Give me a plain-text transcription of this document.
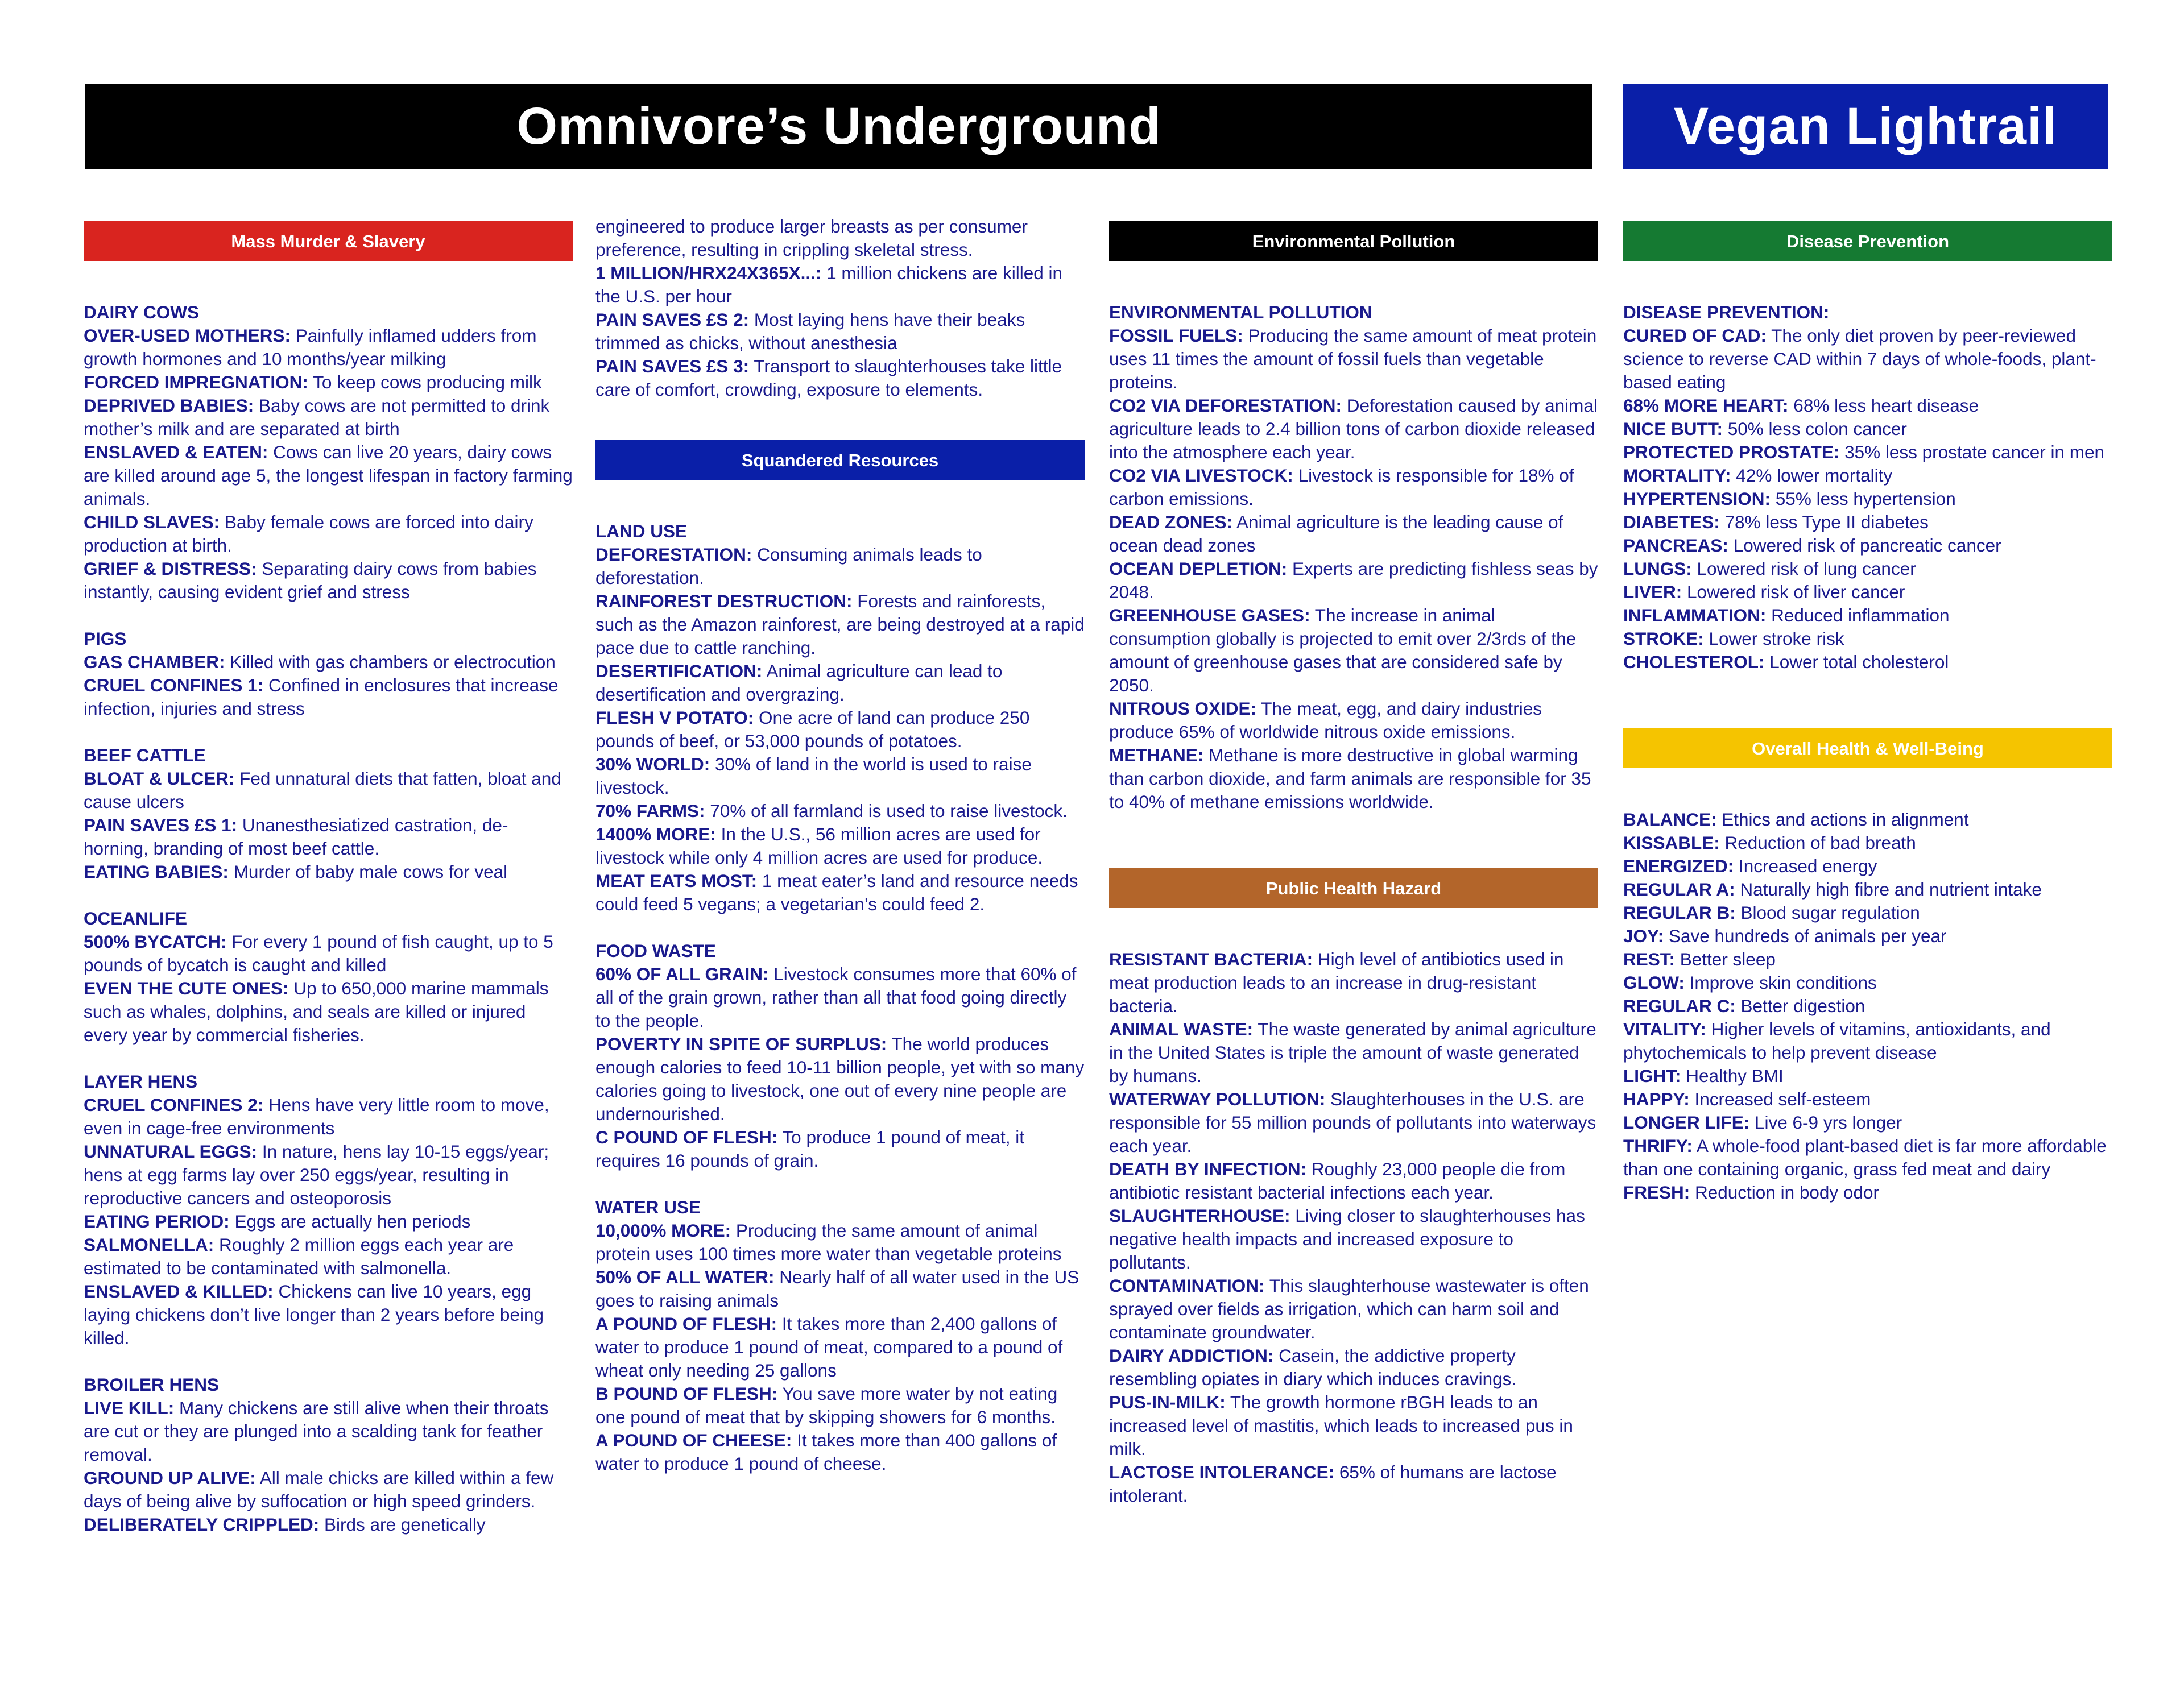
Omnivore’s Underground	Vegan Lightrail
Mass Murder & Slavery

DAIRY COWS

OVER-USED MOTHERS: Painfully inflamed udders from growth hormones and 10 months/year milking

FORCED IMPREGNATION: To keep cows producing milk

DEPRIVED BABIES: Baby cows are not permitted to drink mother’s milk and are separated at birth

ENSLAVED & EATEN: Cows can live 20 years, dairy cows are killed around age 5, the longest lifespan in factory farming animals.

CHILD SLAVES: Baby female cows are forced into dairy production at birth.

GRIEF & DISTRESS: Separating dairy cows from babies instantly, causing evident grief and stress

PIGS

GAS CHAMBER: Killed with gas chambers or electrocution

CRUEL CONFINES 1: Confined in enclosures that increase infection, injuries and stress

BEEF CATTLE

BLOAT & ULCER: Fed unnatural diets that fatten, bloat and cause ulcers

PAIN SAVES £S 1: Unanesthesiatized castration, de-horning, branding of most beef cattle.

EATING BABIES: Murder of baby male cows for veal

OCEANLIFE

500% BYCATCH: For every 1 pound of fish caught, up to 5 pounds of bycatch is caught and killed

EVEN THE CUTE ONES: Up to 650,000 marine mammals such as whales, dolphins, and seals are killed or injured every year by commercial fisheries.

LAYER HENS

CRUEL CONFINES 2: Hens have very little room to move, even in cage-free environments

UNNATURAL EGGS: In nature, hens lay 10-15 eggs/year; hens at egg farms lay over 250 eggs/year, resulting in reproductive cancers and osteoporosis

EATING PERIOD: Eggs are actually hen periods

SALMONELLA: Roughly 2 million eggs each year are estimated to be contaminated with salmonella.

ENSLAVED & KILLED: Chickens can live 10 years, egg laying chickens don’t live longer than 2 years before being killed.

BROILER HENS

LIVE KILL: Many chickens are still alive when their throats are cut or they are plunged into a scalding tank for feather removal.

GROUND UP ALIVE: All male chicks are killed within a few days of being alive by suffocation or high speed grinders.

DELIBERATELY CRIPPLED: Birds are genetically

engineered to produce larger breasts as per consumer preference, resulting in crippling skeletal stress.

1 MILLION/HRX24X365X...: 1 million chickens are killed in the U.S. per hour

PAIN SAVES £S 2: Most laying hens have their beaks trimmed as chicks, without anesthesia

PAIN SAVES £S 3: Transport to slaughterhouses take little care of comfort, crowding, exposure to elements.

Squandered Resources

LAND USE

DEFORESTATION: Consuming animals leads to deforestation.

RAINFOREST DESTRUCTION: Forests and rainforests, such as the Amazon rainforest, are being destroyed at a rapid pace due to cattle ranching.

DESERTIFICATION: Animal agriculture can lead to desertification and overgrazing.

FLESH V POTATO: One acre of land can produce 250 pounds of beef, or 53,000 pounds of potatoes.

30% WORLD: 30% of land in the world is used to raise livestock.

70% FARMS: 70% of all farmland is used to raise livestock.

1400% MORE: In the U.S., 56 million acres are used for livestock while only 4 million acres are used for produce.

MEAT EATS MOST: 1 meat eater’s land and resource needs could feed 5 vegans; a vegetarian’s could feed 2.

FOOD WASTE

60% OF ALL GRAIN: Livestock consumes more that 60% of all of the grain grown, rather than all that food going directly to the people.

POVERTY IN SPITE OF SURPLUS: The world produces enough calories to feed 10-11 billion people, yet with so many calories going to livestock, one out of every nine people are undernourished.

C POUND OF FLESH: To produce 1 pound of meat, it requires 16 pounds of grain.

WATER USE

10,000% MORE: Producing the same amount of animal protein uses 100 times more water than vegetable proteins

50% OF ALL WATER: Nearly half of all water used in the US goes to raising animals

A POUND OF FLESH: It takes more than 2,400 gallons of water to produce 1 pound of meat, compared to a pound of wheat only needing 25 gallons

B POUND OF FLESH: You save more water by not eating one pound of meat that by skipping showers for 6 months.

A POUND OF CHEESE: It takes more than 400 gallons of water to produce 1 pound of cheese.

Environmental Pollution

ENVIRONMENTAL POLLUTION

FOSSIL FUELS: Producing the same amount of meat protein uses 11 times the amount of fossil fuels than vegetable proteins.

CO2 VIA DEFORESTATION: Deforestation caused by animal agriculture leads to 2.4 billion tons of carbon dioxide released into the atmosphere each year.

CO2 VIA LIVESTOCK: Livestock is responsible for 18% of carbon emissions.

DEAD ZONES: Animal agriculture is the leading cause of ocean dead zones

OCEAN DEPLETION: Experts are predicting fishless seas by 2048.

GREENHOUSE GASES: The increase in animal consumption globally is projected to emit over 2/3rds of the amount of greenhouse gases that are considered safe by 2050.

NITROUS OXIDE: The meat, egg, and dairy industries produce 65% of worldwide nitrous oxide emissions.

METHANE: Methane is more destructive in global warming than carbon dioxide, and farm animals are responsible for 35 to 40% of methane emissions worldwide.

Public Health Hazard

RESISTANT BACTERIA: High level of antibiotics used in meat production leads to an increase in drug-resistant bacteria.

ANIMAL WASTE: The waste generated by animal agriculture in the United States is triple the amount of waste generated by humans.

WATERWAY POLLUTION: Slaughterhouses in the U.S. are responsible for 55 million pounds of pollutants into waterways each year.

DEATH BY INFECTION: Roughly 23,000 people die from antibiotic resistant bacterial infections each year.

SLAUGHTERHOUSE: Living closer to slaughterhouses has negative health impacts and increased exposure to pollutants.

CONTAMINATION: This slaughterhouse wastewater is often sprayed over fields as irrigation, which can harm soil and contaminate groundwater.

DAIRY ADDICTION: Casein, the addictive property resembling opiates in diary which induces cravings.

PUS-IN-MILK: The growth hormone rBGH leads to an increased level of mastitis, which leads to increased pus in milk.

LACTOSE INTOLERANCE: 65% of humans are lactose intolerant.

Disease Prevention

DISEASE PREVENTION:

CURED OF CAD: The only diet proven by peer-reviewed science to reverse CAD within 7 days of whole-foods, plant-based eating

68% MORE HEART: 68% less heart disease

NICE BUTT: 50% less colon cancer

PROTECTED PROSTATE: 35% less prostate cancer in men

MORTALITY: 42% lower mortality

HYPERTENSION: 55% less hypertension

DIABETES: 78% less Type II diabetes

PANCREAS: Lowered risk of pancreatic cancer

LUNGS: Lowered risk of lung cancer

LIVER: Lowered risk of liver cancer

INFLAMMATION: Reduced inflammation

STROKE: Lower stroke risk

CHOLESTEROL: Lower total cholesterol

Overall Health & Well-Being

BALANCE: Ethics and actions in alignment

KISSABLE: Reduction of bad breath

ENERGIZED: Increased energy

REGULAR A: Naturally high fibre and nutrient intake

REGULAR B: Blood sugar regulation

JOY: Save hundreds of animals per year

REST: Better sleep

GLOW: Improve skin conditions

REGULAR C: Better digestion

VITALITY: Higher levels of vitamins, antioxidants, and phytochemicals to help prevent disease

LIGHT: Healthy BMI

HAPPY: Increased self-esteem

LONGER LIFE: Live 6-9 yrs longer

THRIFY: A whole-food plant-based diet is far more affordable than one containing organic, grass fed meat and dairy

FRESH: Reduction in body odor
